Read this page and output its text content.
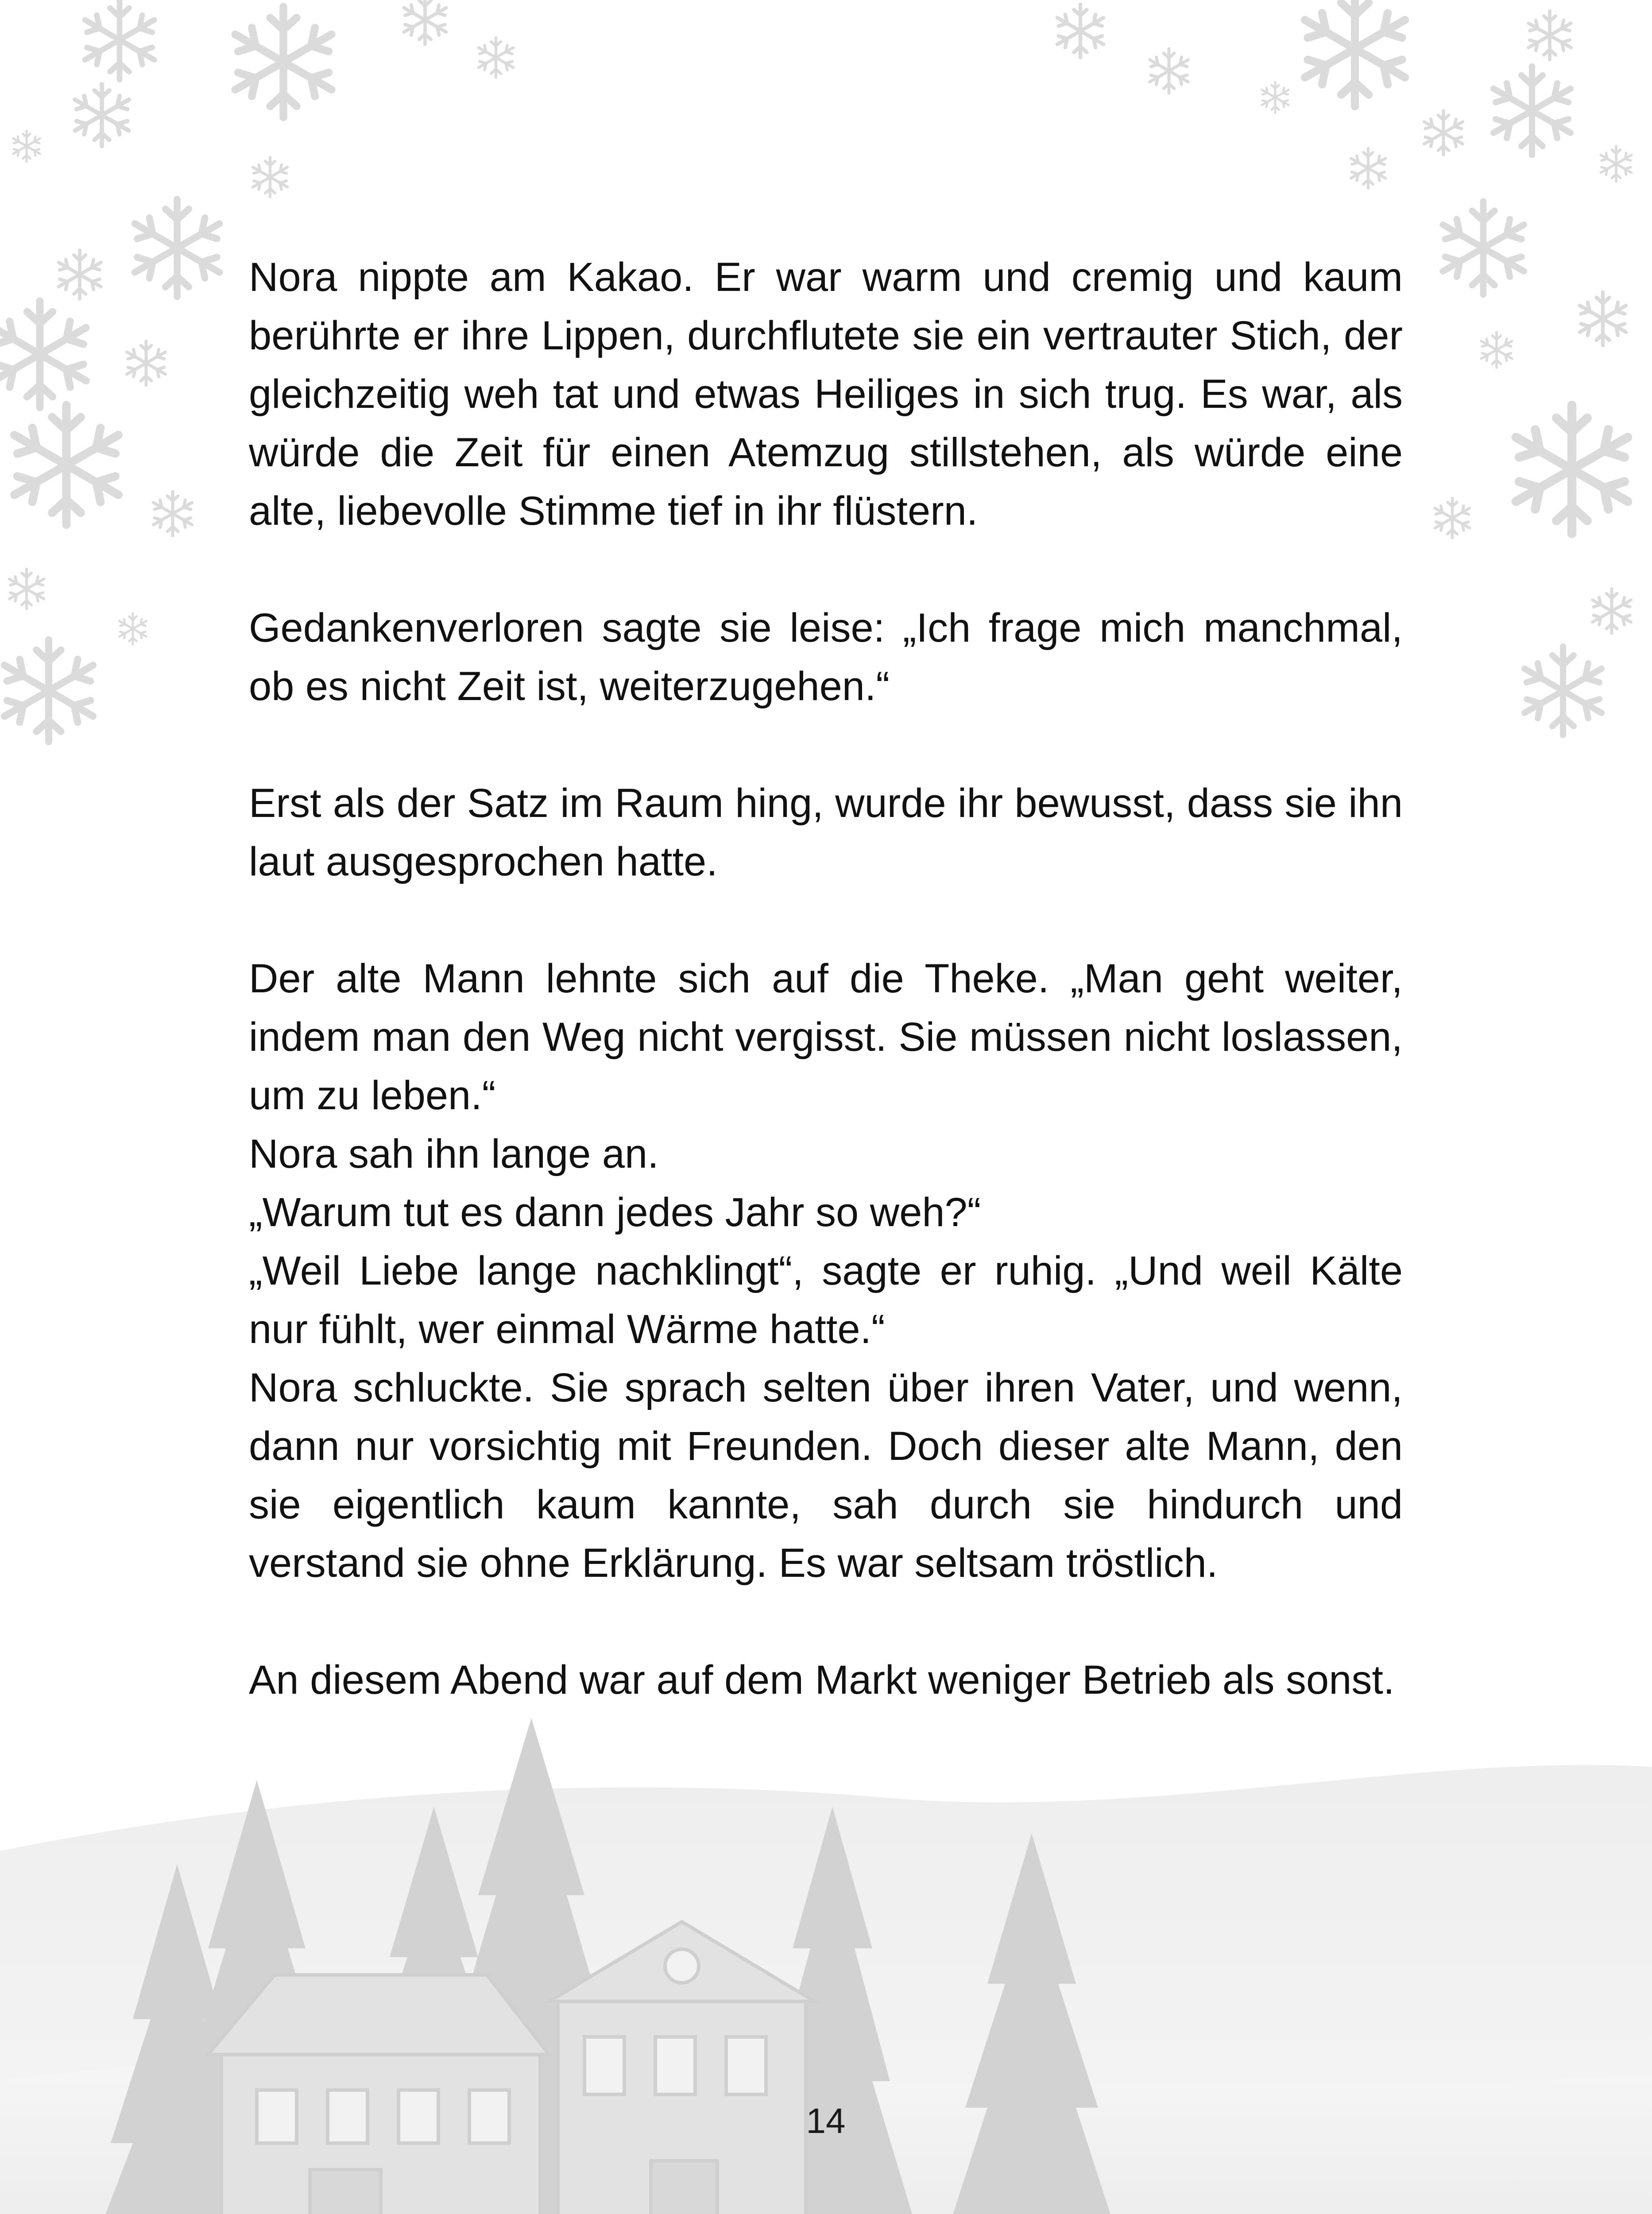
Nora nippte am Kakao. Er war warm und cremig und kaum berührte er ihre Lippen, durchflutete sie ein vertrauter Stich, der gleichzeitig weh tat und etwas Heiliges in sich trug. Es war, als würde die Zeit für einen Atemzug stillstehen, als würde eine alte, liebevolle Stimme tief in ihr flüstern.

Gedankenverloren sagte sie leise: „Ich frage mich manchmal, ob es nicht Zeit ist, weiterzugehen.“

Erst als der Satz im Raum hing, wurde ihr bewusst, dass sie ihn laut ausgesprochen hatte.

Der alte Mann lehnte sich auf die Theke. „Man geht weiter, indem man den Weg nicht vergisst. Sie müssen nicht loslassen, um zu leben.“

Nora sah ihn lange an.

„Warum tut es dann jedes Jahr so weh?“

„Weil Liebe lange nachklingt“, sagte er ruhig. „Und weil Kälte nur fühlt, wer einmal Wärme hatte.“

Nora schluckte. Sie sprach selten über ihren Vater, und wenn, dann nur vorsichtig mit Freunden. Doch dieser alte Mann, den sie eigentlich kaum kannte, sah durch sie hindurch und verstand sie ohne Erklärung. Es war seltsam tröstlich.

An diesem Abend war auf dem Markt weniger Betrieb als sonst.

14
